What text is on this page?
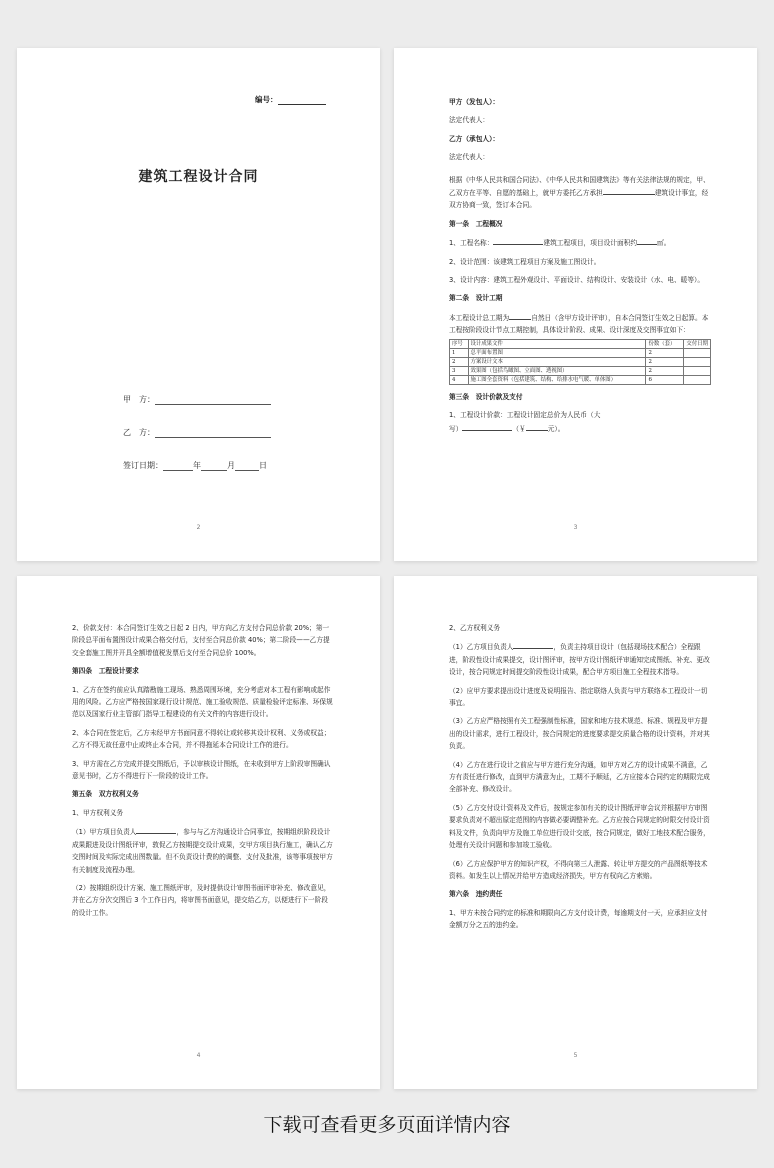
编号：
建筑工程设计合同
甲　方：
乙　方：
签订日期：	年	月	日
2

甲方（发包人）：

法定代表人：

乙方（承包人）：

法定代表人：

根据《中华人民共和国合同法》、《中华人民共和国建筑法》等有关法律法规的规定，甲、乙双方在平等、自愿的基础上，就甲方委托乙方承担	建筑设计事宜，经双方协商一致，签订本合同。

第一条　工程概况

1、工程名称：	建筑工程项目，项目设计面积约	㎡。

2、设计范围：该建筑工程项目方案及施工图设计。

3、设计内容：建筑工程外观设计、平面设计、结构设计、安装设计（水、电、暖等）。

第二条　设计工期

本工程设计总工期为	自然日（含甲方设计评审），自本合同签订生效之日起算。本工程按阶段设计节点工期控制，具体设计阶段、成果、设计深度及交图事宜如下：

序号	设计成果文件	份数（套）	交付日期
1	总平面布置图	2	
2	方案设计文本	2	
3	效果图（包括鸟瞰图、立面图、透视图）	2	
4	施工图全套资料（包括建筑、结构、给排水电气暖、单体图）	6	

第三条　设计价款及支付

1、工程设计价款：工程设计固定总价为人民币（大
写）	（￥	元）。

3

2、价款支付：本合同签订生效之日起 2 日内，甲方向乙方支付合同总价款 20%；第一阶段总平面布置图设计成果合格交付后，支付至合同总价款 40%；第二阶段——乙方提交全套施工图并开具全额增值税发票后支付至合同总价 100%。

第四条　工程设计要求

1、乙方在签约前应认真踏勘施工现场、熟悉周围环境，充分考虑对本工程有影响或起作用的风险。乙方应严格按国家现行设计规范、施工验收规范、质量检验评定标准、环保规范以及国家行业主管部门指导工程建设的有关文件的内容进行设计。

2、本合同在签定后，乙方未经甲方书面同意不得转让或转移其设计权利、义务或权益；乙方不得无故任意中止或终止本合同，并不得拖延本合同设计工作的进行。

3、甲方需在乙方完成并提交图纸后，予以审核设计图纸，在未收到甲方上阶段审图确认意见书时，乙方不得进行下一阶段的设计工作。

第五条　双方权利义务

1、甲方权利义务

（1）甲方项目负责人	，参与与乙方沟通设计合同事宜，按期组织阶段设计成果跟进及设计图纸评审，敦促乙方按期提交设计成果，交甲方项目执行施工，确认乙方交图时间及实际完成出图数量。但不负责设计费的的调整、支付及批准，该等事项按甲方有关制度及流程办理。

（2）按期组织设计方案、施工图纸评审，及时提供设计审图书面评审补充、修改意见，并在乙方分次交图后 3 个工作日内，将审图书面意见，提交给乙方，以便进行下一阶段的设计工作。

4

2、乙方权利义务

（1）乙方项目负责人	，负责主持项目设计（包括现场技术配合）全程跟进，阶段性设计成果提交，设计图评审，按甲方设计图纸评审通知完成图纸、补充、更改设计，按合同规定时间提交阶段性设计成果，配合甲方项目施工全程技术指导。

（2）应甲方要求提出设计进度及说明报告、指定联络人负责与甲方联络本工程设计一切事宜。

（3）乙方应严格按照有关工程强制性标准，国家和地方技术规范、标准、规程及甲方提出的设计需求，进行工程设计，按合同规定的进度要求提交质量合格的设计资料，并对其负责。

（4）乙方在进行设计之前应与甲方进行充分沟通，如甲方对乙方的设计成果不满意，乙方有责任进行修改，直到甲方满意为止，工期不予顺延，乙方应接本合同约定的期限完成全部补充、修改设计。

（5）乙方交付设计资料及文件后，按规定参加有关的设计图纸评审会议并根据甲方审图要求负责对不超出原定范围的内容做必要调整补充。乙方应按合同规定的时限交付设计资料及文件，负责向甲方及施工单位进行设计交底，按合同规定，做好工地技术配合服务，处理有关设计问题和参加竣工验收。

（6）乙方应保护甲方的知识产权，不得向第三人泄露、转让甲方提交的产品图纸等技术资料。如发生以上情况并给甲方造成经济损失，甲方有权向乙方索赔。

第六条　违约责任

1、甲方未按合同约定的标准和期限向乙方支付设计费，每逾期支付一天，应承担应支付金额万分之五的违约金。

5
下载可查看更多页面详情内容
